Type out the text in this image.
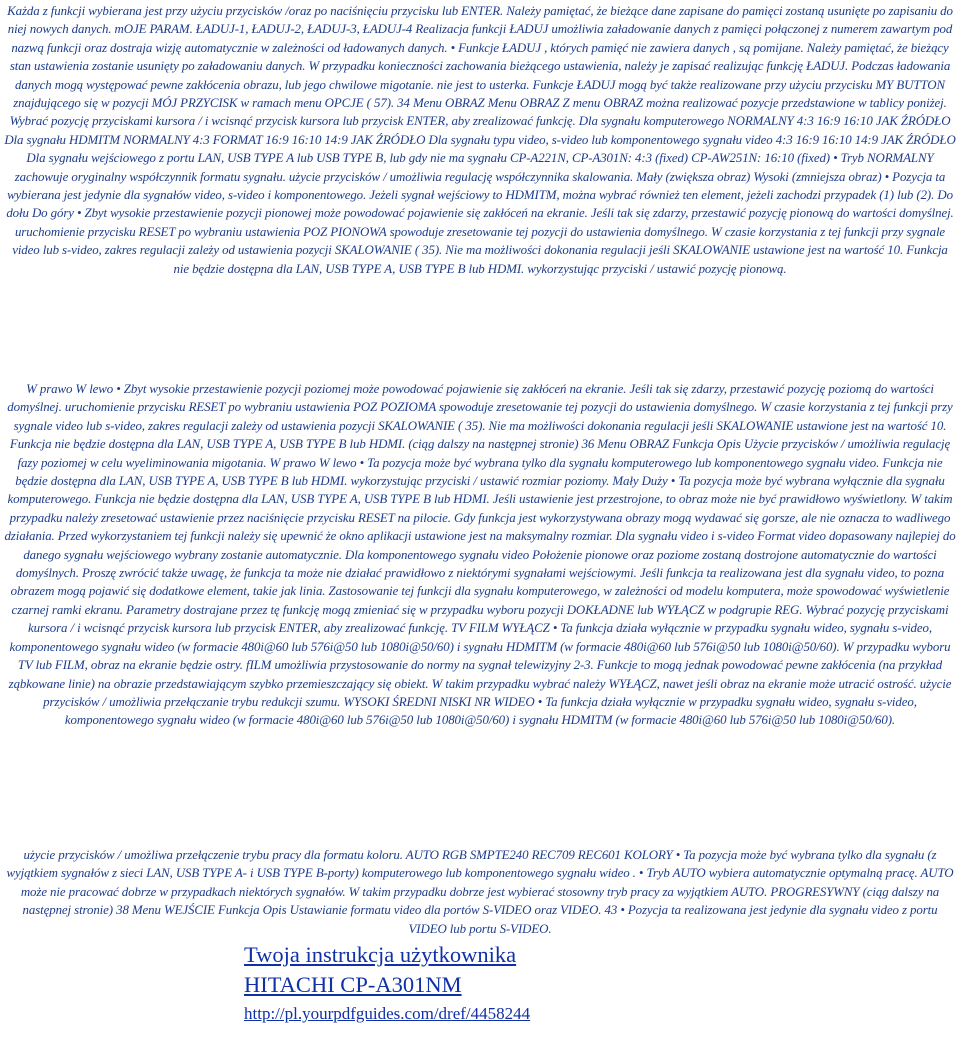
Każda z funkcji wybierana jest przy użyciu przycisków /oraz po naciśnięciu przycisku lub ENTER. Należy pamiętać, że bieżące dane zapisane do pamięci zostaną usunięte po zapisaniu do niej nowych danych. mOJE PARAM. ŁADUJ-1, ŁADUJ-2, ŁADUJ-3, ŁADUJ-4 Realizacja funkcji ŁADUJ umożliwia załadowanie danych z pamięci połączonej z numerem zawartym pod nazwą funkcji oraz dostraja wizję automatycznie w zależności od ładowanych danych. • Funkcje ŁADUJ , których pamięć nie zawiera danych , są pomijane. Należy pamiętać, że bieżący stan ustawienia zostanie usunięty po załadowaniu danych. W przypadku konieczności zachowania bieżącego ustawienia, należy je zapisać realizując funkcję ŁADUJ. Podczas ładowania danych mogą występować pewne zakłócenia obrazu, lub jego chwilowe migotanie. nie jest to usterka. Funkcje ŁADUJ mogą być także realizowane przy użyciu przycisku MY BUTTON znajdującego się w pozycji MÓJ PRZYCISK w ramach menu OPCJE ( 57). 34 Menu OBRAZ Menu OBRAZ Z menu OBRAZ można realizować pozycje przedstawione w tablicy poniżej. Wybrać pozycję przyciskami kursora / i wcisnąć przycisk kursora lub przycisk ENTER, aby zrealizować funkcję. Dla sygnału komputerowego NORMALNY 4:3 16:9 16:10 JAK ŹRÓDŁO Dla sygnału HDMITM NORMALNY 4:3 FORMAT 16:9 16:10 14:9 JAK ŹRÓDŁO Dla sygnału typu video, s-video lub komponentowego sygnału video 4:3 16:9 16:10 14:9 JAK ŹRÓDŁO Dla sygnału wejściowego z portu LAN, USB TYPE A lub USB TYPE B, lub gdy nie ma sygnału CP-A221N, CP-A301N: 4:3 (fixed) CP-AW251N: 16:10 (fixed) • Tryb NORMALNY zachowuje oryginalny współczynnik formatu sygnału. użycie przycisków / umożliwia regulację współczynnika skalowania. Mały (zwiększa obraz) Wysoki (zmniejsza obraz) • Pozycja ta wybierana jest jedynie dla sygnałów video, s-video i komponentowego. Jeżeli sygnał wejściowy to HDMITM, można wybrać również ten element, jeżeli zachodzi przypadek (1) lub (2). Do dołu Do góry • Zbyt wysokie przestawienie pozycji pionowej może powodować pojawienie się zakłóceń na ekranie. Jeśli tak się zdarzy, przestawić pozycję pionową do wartości domyślnej. uruchomienie przycisku RESET po wybraniu ustawienia POZ PIONOWA spowoduje zresetowanie tej pozycji do ustawienia domyślnego. W czasie korzystania z tej funkcji przy sygnale video lub s-video, zakres regulacji zależy od ustawienia pozycji SKALOWANIE ( 35). Nie ma możliwości dokonania regulacji jeśli SKALOWANIE ustawione jest na wartość 10. Funkcja nie będzie dostępna dla LAN, USB TYPE A, USB TYPE B lub HDMI. wykorzystując przyciski / ustawić pozycję pionową.

W prawo W lewo • Zbyt wysokie przestawienie pozycji poziomej może powodować pojawienie się zakłóceń na ekranie. Jeśli tak się zdarzy, przestawić pozycję poziomą do wartości domyślnej. uruchomienie przycisku RESET po wybraniu ustawienia POZ POZIOMA spowoduje zresetowanie tej pozycji do ustawienia domyślnego. W czasie korzystania z tej funkcji przy sygnale video lub s-video, zakres regulacji zależy od ustawienia pozycji SKALOWANIE ( 35). Nie ma możliwości dokonania regulacji jeśli SKALOWANIE ustawione jest na wartość 10. Funkcja nie będzie dostępna dla LAN, USB TYPE A, USB TYPE B lub HDMI. (ciąg dalszy na następnej stronie) 36 Menu OBRAZ Funkcja Opis Użycie przycisków / umożliwia regulację fazy poziomej w celu wyeliminowania migotania. W prawo W lewo • Ta pozycja może być wybrana tylko dla sygnału komputerowego lub komponentowego sygnału video. Funkcja nie będzie dostępna dla LAN, USB TYPE A, USB TYPE B lub HDMI. wykorzystując przyciski / ustawić rozmiar poziomy. Mały Duży • Ta pozycja może być wybrana wyłącznie dla sygnału komputerowego. Funkcja nie będzie dostępna dla LAN, USB TYPE A, USB TYPE B lub HDMI. Jeśli ustawienie jest przestrojone, to obraz może nie być prawidłowo wyświetlony. W takim przypadku należy zresetować ustawienie przez naciśnięcie przycisku RESET na pilocie. Gdy funkcja jest wykorzystywana obrazy mogą wydawać się gorsze, ale nie oznacza to wadliwego działania. Przed wykorzystaniem tej funkcji należy się upewnić że okno aplikacji ustawione jest na maksymalny rozmiar. Dla sygnału video i s-video Format video dopasowany najlepiej do danego sygnału wejściowego wybrany zostanie automatycznie. Dla komponentowego sygnału video Położenie pionowe oraz poziome zostaną dostrojone automatycznie do wartości domyślnych. Proszę zwrócić także uwagę, że funkcja ta może nie działać prawidłowo z niektórymi sygnałami wejściowymi. Jeśli funkcja ta realizowana jest dla sygnału video, to pozna obrazem mogą pojawić się dodatkowe element, takie jak linia. Zastosowanie tej funkcji dla sygnału komputerowego, w zależności od modelu komputera, może spowodować wyświetlenie czarnej ramki ekranu. Parametry dostrajane przez tę funkcję mogą zmieniać się w przypadku wyboru pozycji DOKŁADNE lub WYŁĄCZ w podgrupie REG. Wybrać pozycję przyciskami kursora / i wcisnąć przycisk kursora lub przycisk ENTER, aby zrealizować funkcję. TV FILM WYŁĄCZ • Ta funkcja działa wyłącznie w przypadku sygnału wideo, sygnału s-video, komponentowego sygnału wideo (w formacie 480i@60 lub 576i@50 lub 1080i@50/60) i sygnału HDMITM (w formacie 480i@60 lub 576i@50 lub 1080i@50/60). W przypadku wyboru TV lub FILM, obraz na ekranie będzie ostry. fILM umożliwia przystosowanie do normy na sygnał telewizyjny 2-3. Funkcje to mogą jednak powodować pewne zakłócenia (na przykład ząbkowane linie) na obrazie przedstawiającym szybko przemieszczający się obiekt. W takim przypadku wybrać należy WYŁĄCZ, nawet jeśli obraz na ekranie może utracić ostrość. użycie przycisków / umożliwia przełączanie trybu redukcji szumu. WYSOKI ŚREDNI NISKI NR WIDEO • Ta funkcja działa wyłącznie w przypadku sygnału wideo, sygnału s-video, komponentowego sygnału wideo (w formacie 480i@60 lub 576i@50 lub 1080i@50/60) i sygnału HDMITM (w formacie 480i@60 lub 576i@50 lub 1080i@50/60).

użycie przycisków / umożliwa przełączenie trybu pracy dla formatu koloru. AUTO RGB SMPTE240 REC709 REC601 KOLORY • Ta pozycja może być wybrana tylko dla sygnału (z wyjątkiem sygnałów z sieci LAN, USB TYPE A- i USB TYPE B-porty) komputerowego lub komponentowego sygnału wideo . • Tryb AUTO wybiera automatycznie optymalną pracę. AUTO może nie pracować dobrze w przypadkach niektórych sygnałów. W takim przypadku dobrze jest wybierać stosowny tryb pracy za wyjątkiem AUTO. PROGRESYWNY (ciąg dalszy na następnej stronie) 38 Menu WEJŚCIE Funkcja Opis Ustawianie formatu video dla portów S-VIDEO oraz VIDEO. 43 • Pozycja ta realizowana jest jedynie dla sygnału video z portu VIDEO lub portu S-VIDEO.

Twoja instrukcja użytkownika
HITACHI CP-A301NM
http://pl.yourpdfguides.com/dref/4458244
